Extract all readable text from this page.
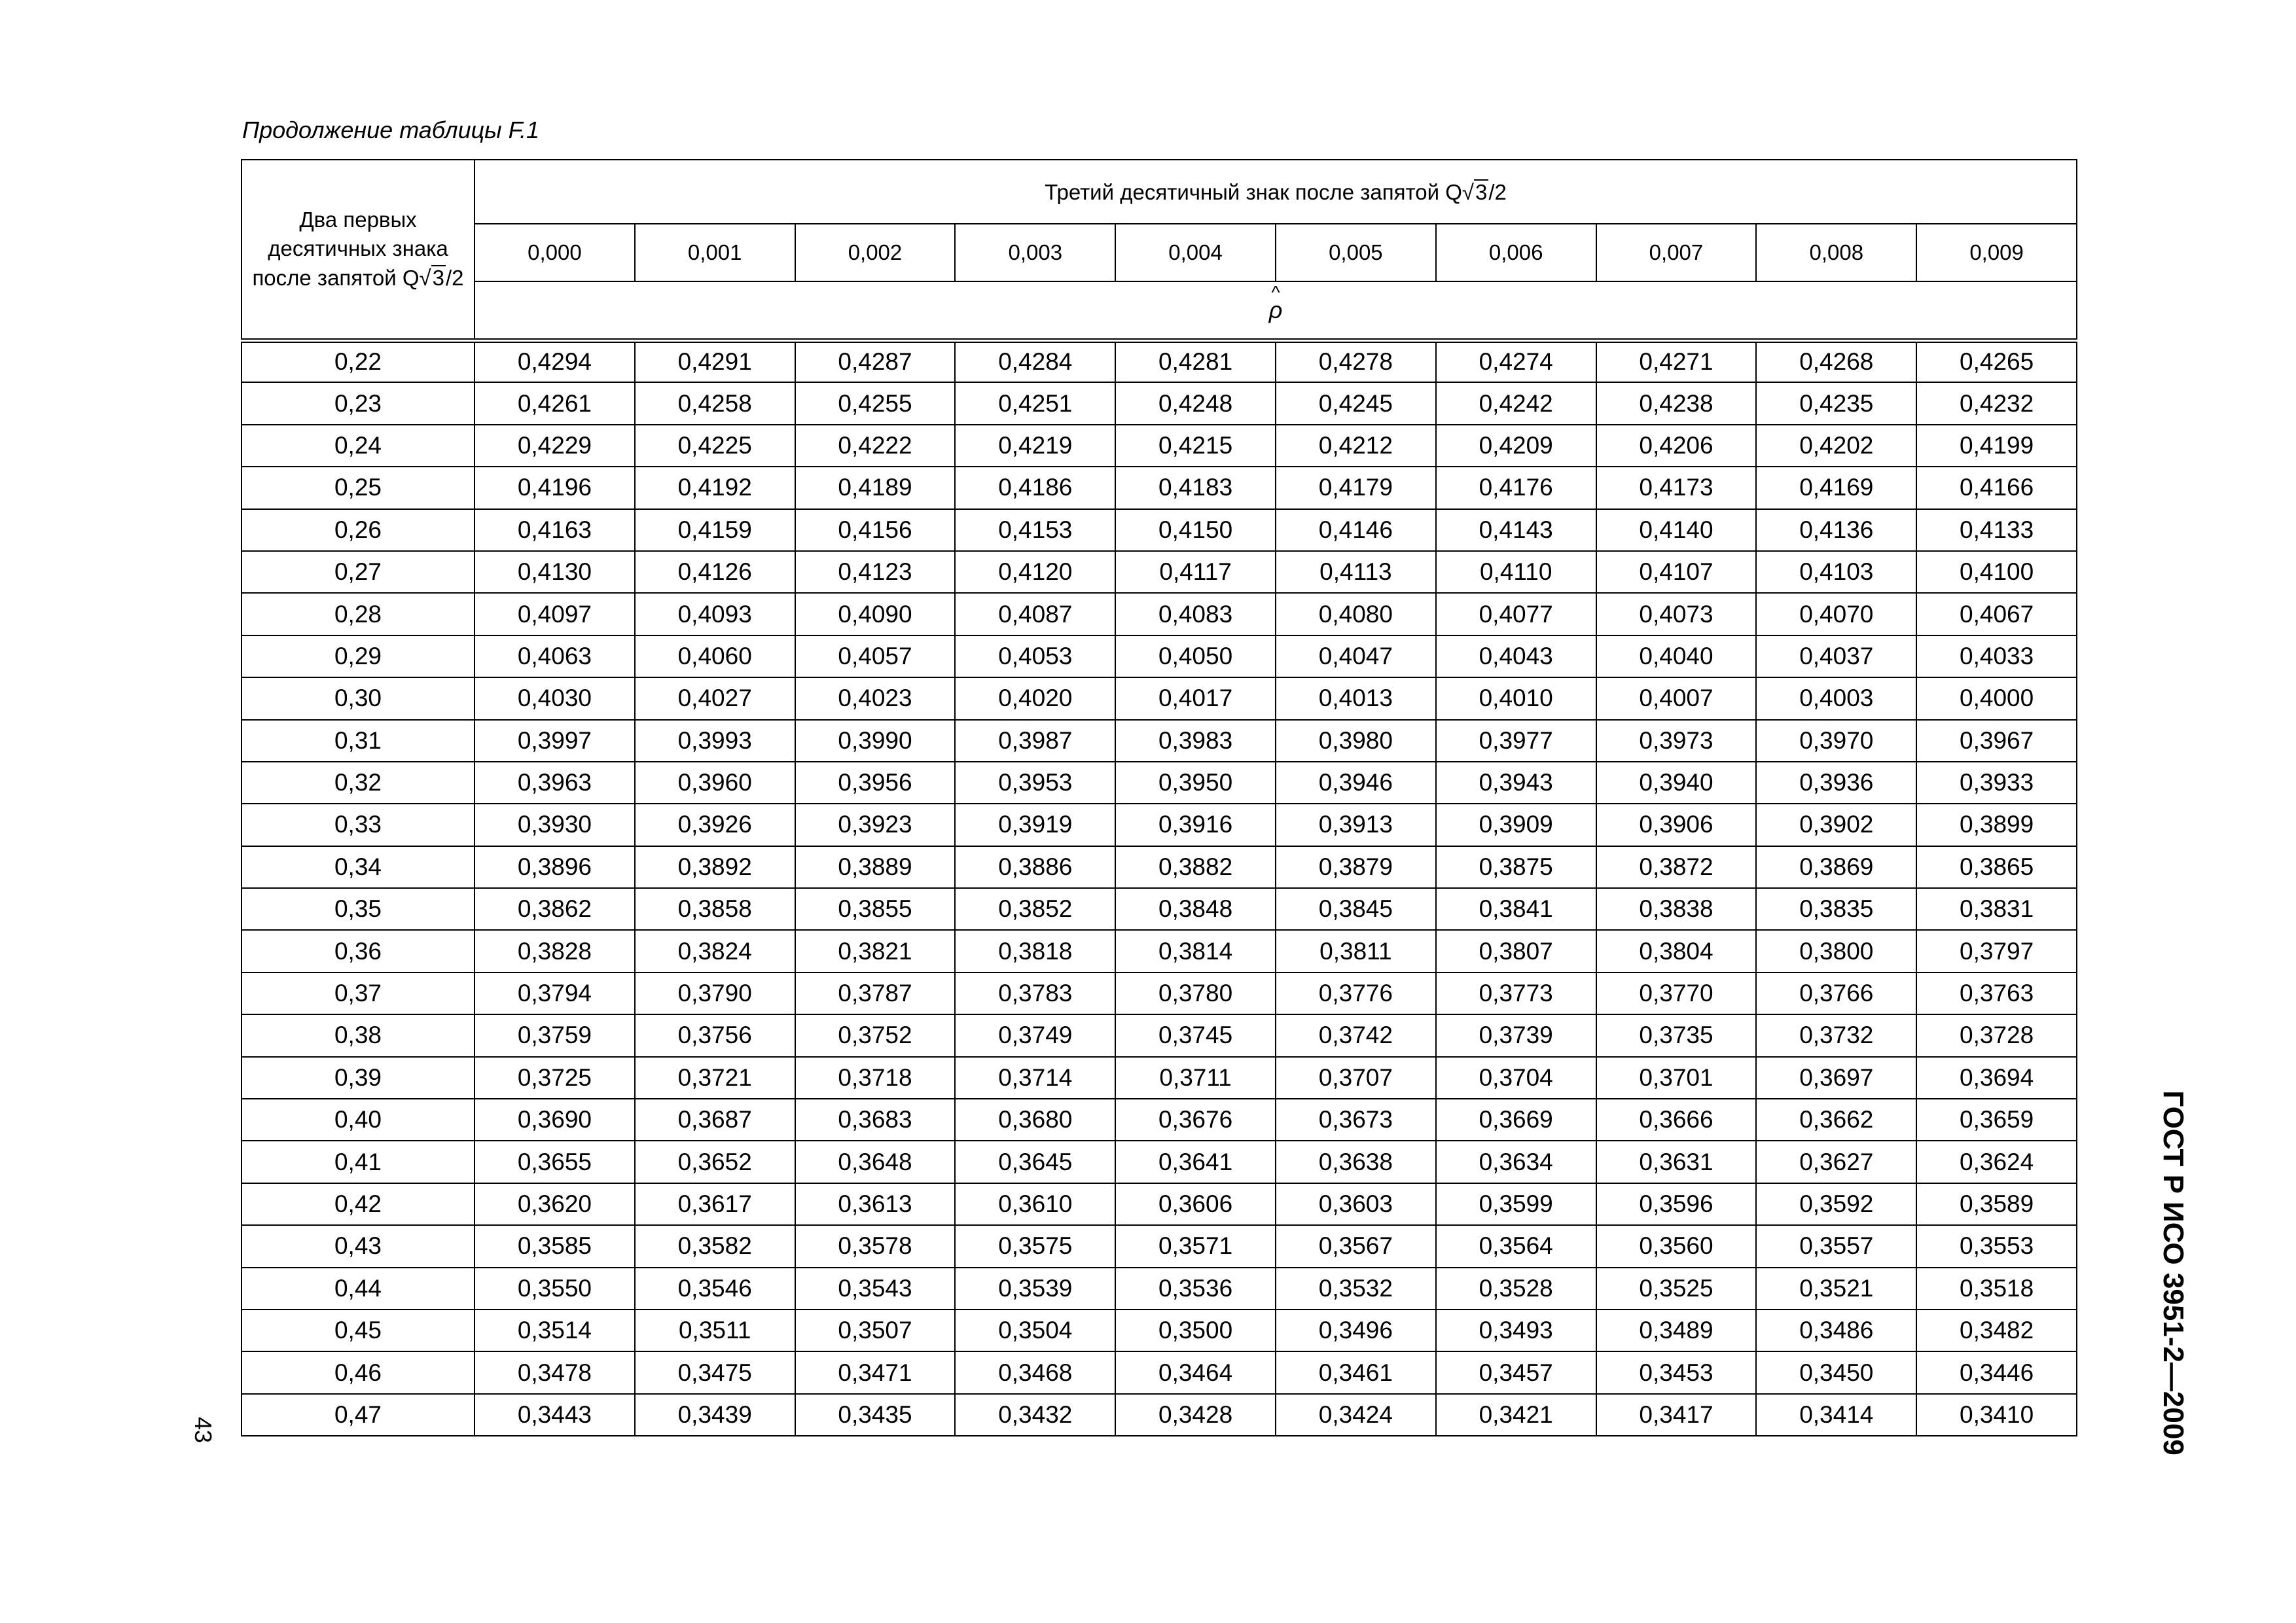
Продолжение таблицы F.1
Два первых
десятичных знака
после запятой Q√3/2	Третий десятичный знак после запятой Q√3/2									
	0,000	0,001	0,002	0,003	0,004	0,005	0,006	0,007	0,008	0,009
	^ ρ
0,22	0,4294	0,4291	0,4287	0,4284	0,4281	0,4278	0,4274	0,4271	0,4268	0,4265
0,23	0,4261	0,4258	0,4255	0,4251	0,4248	0,4245	0,4242	0,4238	0,4235	0,4232
0,24	0,4229	0,4225	0,4222	0,4219	0,4215	0,4212	0,4209	0,4206	0,4202	0,4199
0,25	0,4196	0,4192	0,4189	0,4186	0,4183	0,4179	0,4176	0,4173	0,4169	0,4166
0,26	0,4163	0,4159	0,4156	0,4153	0,4150	0,4146	0,4143	0,4140	0,4136	0,4133
0,27	0,4130	0,4126	0,4123	0,4120	0,4117	0,4113	0,4110	0,4107	0,4103	0,4100
0,28	0,4097	0,4093	0,4090	0,4087	0,4083	0,4080	0,4077	0,4073	0,4070	0,4067
0,29	0,4063	0,4060	0,4057	0,4053	0,4050	0,4047	0,4043	0,4040	0,4037	0,4033
0,30	0,4030	0,4027	0,4023	0,4020	0,4017	0,4013	0,4010	0,4007	0,4003	0,4000
0,31	0,3997	0,3993	0,3990	0,3987	0,3983	0,3980	0,3977	0,3973	0,3970	0,3967
0,32	0,3963	0,3960	0,3956	0,3953	0,3950	0,3946	0,3943	0,3940	0,3936	0,3933
0,33	0,3930	0,3926	0,3923	0,3919	0,3916	0,3913	0,3909	0,3906	0,3902	0,3899
0,34	0,3896	0,3892	0,3889	0,3886	0,3882	0,3879	0,3875	0,3872	0,3869	0,3865
0,35	0,3862	0,3858	0,3855	0,3852	0,3848	0,3845	0,3841	0,3838	0,3835	0,3831
0,36	0,3828	0,3824	0,3821	0,3818	0,3814	0,3811	0,3807	0,3804	0,3800	0,3797
0,37	0,3794	0,3790	0,3787	0,3783	0,3780	0,3776	0,3773	0,3770	0,3766	0,3763
0,38	0,3759	0,3756	0,3752	0,3749	0,3745	0,3742	0,3739	0,3735	0,3732	0,3728
0,39	0,3725	0,3721	0,3718	0,3714	0,3711	0,3707	0,3704	0,3701	0,3697	0,3694
0,40	0,3690	0,3687	0,3683	0,3680	0,3676	0,3673	0,3669	0,3666	0,3662	0,3659
0,41	0,3655	0,3652	0,3648	0,3645	0,3641	0,3638	0,3634	0,3631	0,3627	0,3624
0,42	0,3620	0,3617	0,3613	0,3610	0,3606	0,3603	0,3599	0,3596	0,3592	0,3589
0,43	0,3585	0,3582	0,3578	0,3575	0,3571	0,3567	0,3564	0,3560	0,3557	0,3553
0,44	0,3550	0,3546	0,3543	0,3539	0,3536	0,3532	0,3528	0,3525	0,3521	0,3518
0,45	0,3514	0,3511	0,3507	0,3504	0,3500	0,3496	0,3493	0,3489	0,3486	0,3482
0,46	0,3478	0,3475	0,3471	0,3468	0,3464	0,3461	0,3457	0,3453	0,3450	0,3446
0,47	0,3443	0,3439	0,3435	0,3432	0,3428	0,3424	0,3421	0,3417	0,3414	0,3410	ГОСТ Р ИСО 3951-2—2009
43
